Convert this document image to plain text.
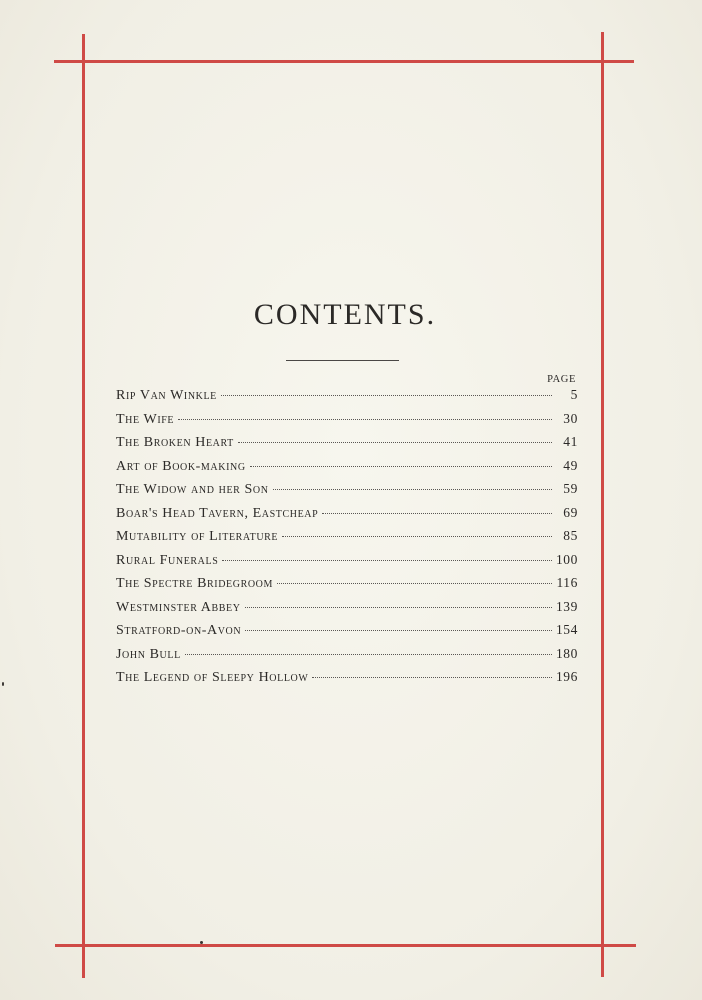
CONTENTS.
PAGE
Rip Van Winkle	5
The Wife	30
The Broken Heart	41
Art of Book-making	49
The Widow and her Son	59
Boar's Head Tavern, Eastcheap	69
Mutability of Literature	85
Rural Funerals	100
The Spectre Bridegroom	116
Westminster Abbey	139
Stratford-on-Avon	154
John Bull	180
The Legend of Sleepy Hollow	196
